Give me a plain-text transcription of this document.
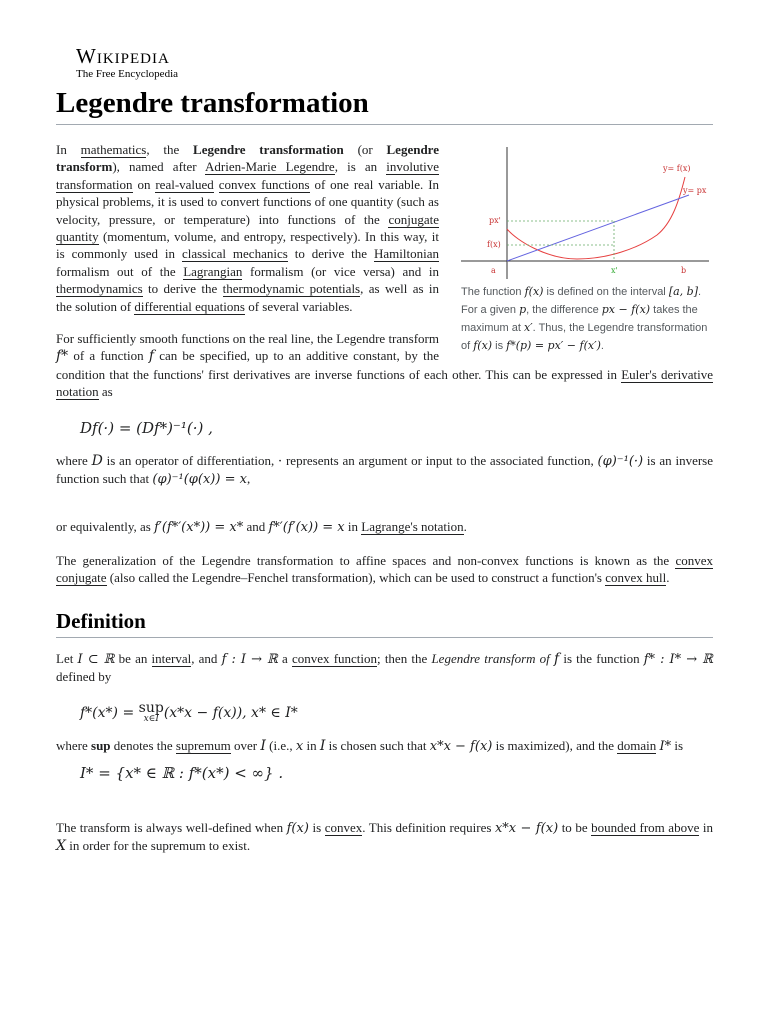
Wikipedia
The Free Encyclopedia
Legendre transformation
y= f(x)
y= px
px'
f(x)
a	x'	b
The function f(x) is defined on the interval [a, b]. For a given p, the difference px − f(x) takes the maximum at x′. Thus, the Legendre transformation of f(x) is f*(p) = px′ − f(x′).

In mathematics, the Legendre transformation (or Legendre transform), named after Adrien-Marie Legendre, is an involutive transformation on real-valued convex functions of one real variable. In physical problems, it is used to convert functions of one quantity (such as velocity, pressure, or temperature) into functions of the conjugate quantity (momentum, volume, and entropy, respectively). In this way, it is commonly used in classical mechanics to derive the Hamiltonian formalism out of the Lagrangian formalism (or vice versa) and in thermodynamics to derive the thermodynamic potentials, as well as in the solution of differential equations of several variables.

For sufficiently smooth functions on the real line, the Legendre transform f* of a function f can be specified, up to an additive constant, by the condition that the functions' first derivatives are inverse functions of each other. This can be expressed in Euler's derivative notation as

Df(·) = (Df*)⁻¹(·) ,

where D is an operator of differentiation, · represents an argument or input to the associated function, (φ)⁻¹(·) is an inverse function such that (φ)⁻¹(φ(x)) = x,

or equivalently, as f′(f*′(x*)) = x* and f*′(f′(x)) = x in Lagrange's notation.

The generalization of the Legendre transformation to affine spaces and non-convex functions is known as the convex conjugate (also called the Legendre–Fenchel transformation), which can be used to construct a function's convex hull.

Definition

Let I ⊂ ℝ be an interval, and f : I → ℝ a convex function; then the Legendre transform of f is the function f* : I* → ℝ defined by

f*(x*) = sup
x∈I (x*x − f(x)), x* ∈ I*

where sup denotes the supremum over I (i.e., x in I is chosen such that x*x − f(x) is maximized), and the domain I* is

I* = {x* ∈ ℝ : f*(x*) < ∞} .

The transform is always well-defined when f(x) is convex. This definition requires x*x − f(x) to be bounded from above in X in order for the supremum to exist.
